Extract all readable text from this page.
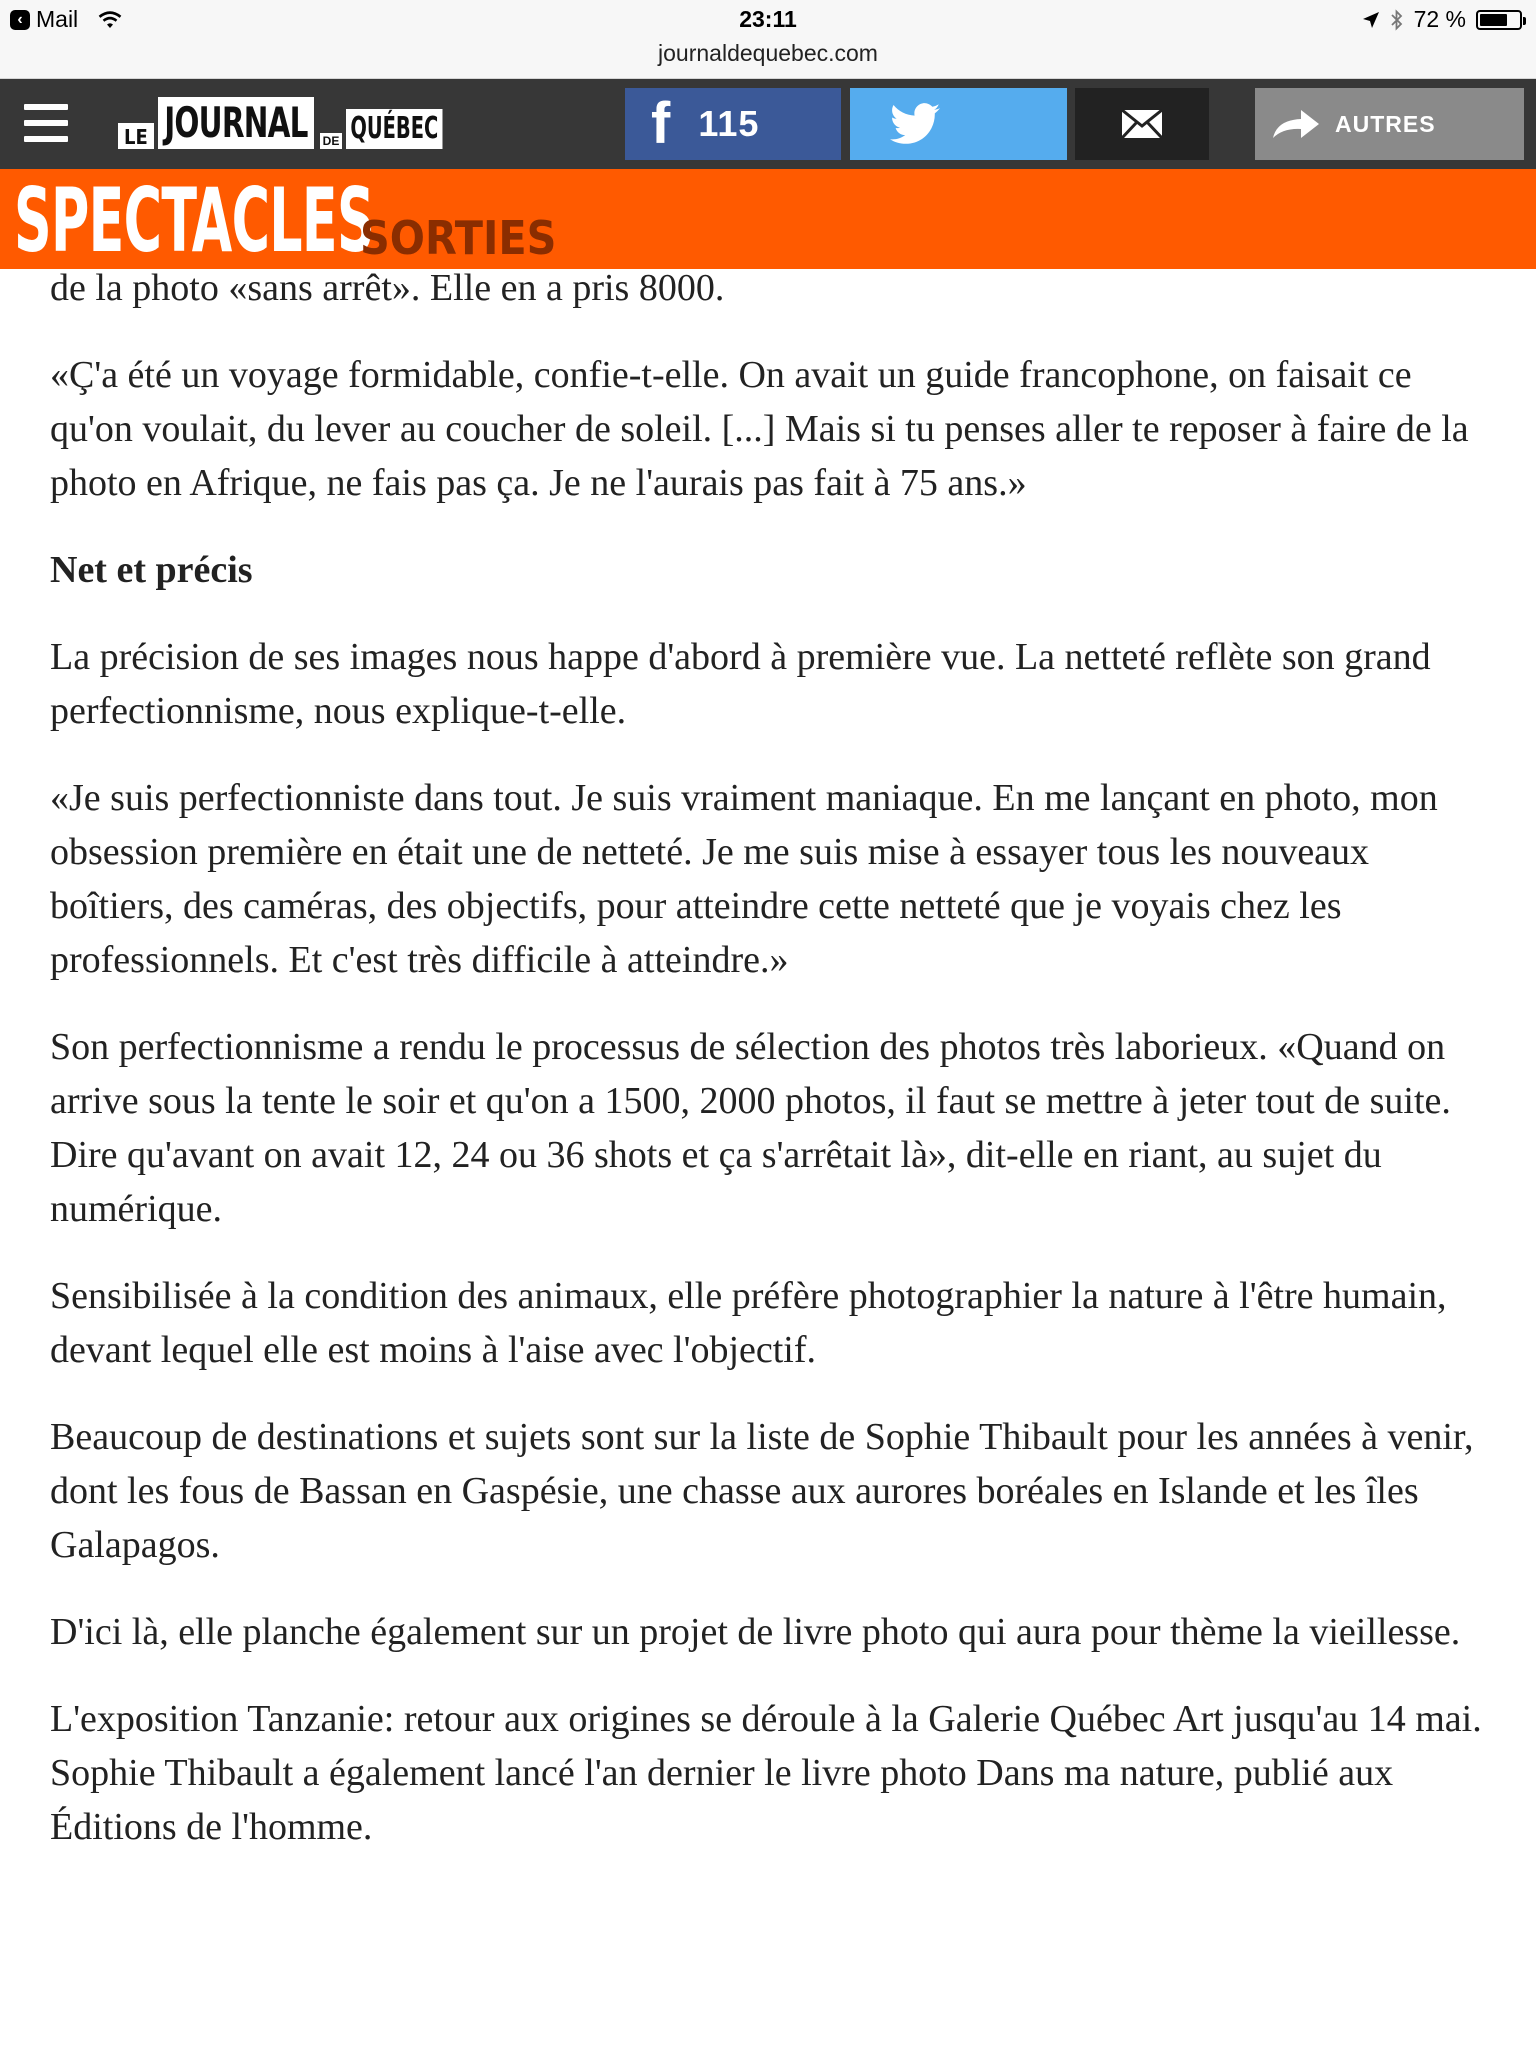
‹ Mail	23:11
journaldequebec.com
72 %
LE JOURNAL	DE QUÉBEC	f 115	AUTRES
SPECTACLES
SORTIES

de la photo «sans arrêt». Elle en a pris 8000.

«Ç'a été un voyage formidable, confie-t-elle. On avait un guide francophone, on faisait ce qu'on voulait, du lever au coucher de soleil. [...] Mais si tu penses aller te reposer à faire de la photo en Afrique, ne fais pas ça. Je ne l'aurais pas fait à 75 ans.»

Net et précis

La précision de ses images nous happe d'abord à première vue. La netteté reflète son grand perfectionnisme, nous explique-t-elle.

«Je suis perfectionniste dans tout. Je suis vraiment maniaque. En me lançant en photo, mon obsession première en était une de netteté. Je me suis mise à essayer tous les nouveaux boîtiers, des caméras, des objectifs, pour atteindre cette netteté que je voyais chez les professionnels. Et c'est très difficile à atteindre.»

Son perfectionnisme a rendu le processus de sélection des photos très laborieux. «Quand on arrive sous la tente le soir et qu'on a 1500, 2000 photos, il faut se mettre à jeter tout de suite. Dire qu'avant on avait 12, 24 ou 36 shots et ça s'arrêtait là», dit-elle en riant, au sujet du numérique.

Sensibilisée à la condition des animaux, elle préfère photographier la nature à l'être humain, devant lequel elle est moins à l'aise avec l'objectif.

Beaucoup de destinations et sujets sont sur la liste de Sophie Thibault pour les années à venir, dont les fous de Bassan en Gaspésie, une chasse aux aurores boréales en Islande et les îles Galapagos.

D'ici là, elle planche également sur un projet de livre photo qui aura pour thème la vieillesse.

L'exposition Tanzanie: retour aux origines se déroule à la Galerie Québec Art jusqu'au 14 mai. Sophie Thibault a également lancé l'an dernier le livre photo Dans ma nature, publié aux Éditions de l'homme.
